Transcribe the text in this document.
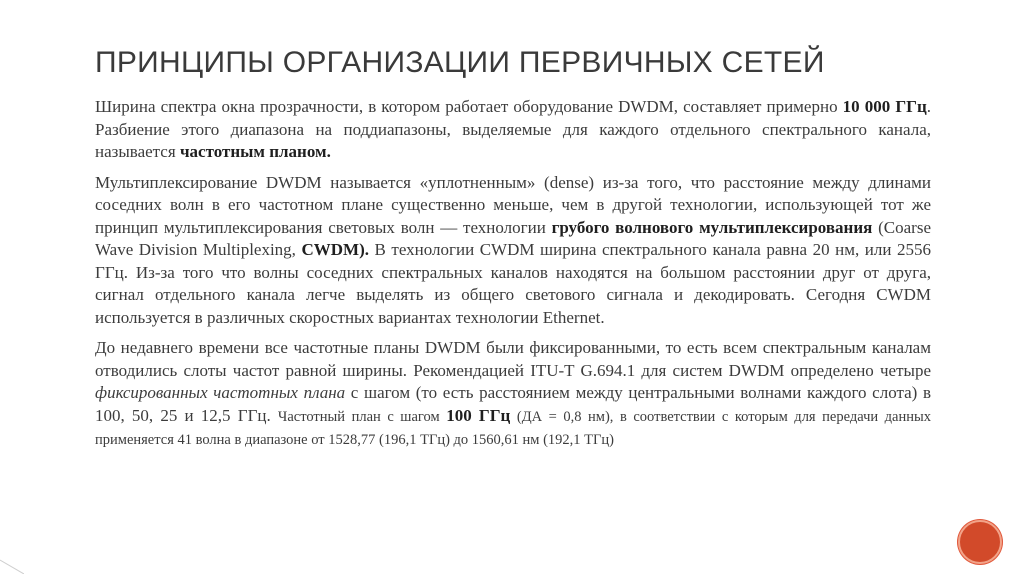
ПРИНЦИПЫ ОРГАНИЗАЦИИ ПЕРВИЧНЫХ СЕТЕЙ

Ширина спектра окна прозрачности, в котором работает оборудование DWDM, составляет примерно 10 000 ГГц. Разбиение этого диапазона на поддиапазоны, выделяемые для каждого отдельного спектрального канала, называется частотным планом.

Мультиплексирование DWDM называется «уплотненным» (dense) из-за того, что расстояние между длинами соседних волн в его частотном плане существенно меньше, чем в другой технологии, использующей тот же принцип мультиплексирования световых волн — технологии грубого волнового мультиплексирования (Coarse Wave Division Multiplexing, CWDM). В технологии CWDM ширина спектрального канала равна 20 нм, или 2556 ГГц. Из-за того что волны соседних спектральных каналов находятся на большом расстоянии друг от друга, сигнал отдельного канала легче выделять из общего светового сигнала и декодировать. Сегодня CWDM используется в различных скоростных вариантах технологии Ethernet.

До недавнего времени все частотные планы DWDM были фиксированными, то есть всем спектральным каналам отводились слоты частот равной ширины. Рекомендацией ITU-T G.694.1 для систем DWDM определено четыре фиксированных частотных плана с шагом (то есть расстоянием между центральными волнами каждого слота) в 100, 50, 25 и 12,5 ГГц. Частотный план с шагом 100 ГГц (ДА = 0,8 нм), в соответствии с которым для передачи данных применяется 41 волна в диапазоне от 1528,77 (196,1 ТГц) до 1560,61 нм (192,1 ТГц)
